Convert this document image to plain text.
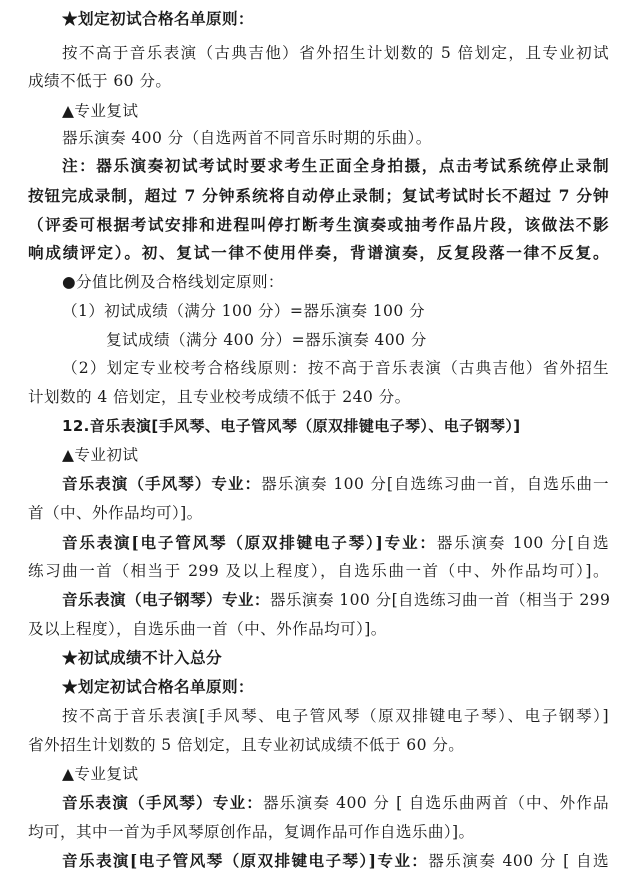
★划定初试合格名单原则：
按不高于音乐表演（古典吉他）省外招生计划数的 5 倍划定，且专业初试
成绩不低于 60 分。
▲专业复试
器乐演奏 400 分（自选两首不同音乐时期的乐曲）。
注：器乐演奏初试考试时要求考生正面全身拍摄，点击考试系统停止录制
按钮完成录制，超过 7 分钟系统将自动停止录制；复试考试时长不超过 7 分钟
（评委可根据考试安排和进程叫停打断考生演奏或抽考作品片段，该做法不影
响成绩评定）。初、复试一律不使用伴奏，背谱演奏，反复段落一律不反复。
●分值比例及合格线划定原则：
（1）初试成绩（满分 100 分）=器乐演奏 100 分
复试成绩（满分 400 分）=器乐演奏 400 分
（2）划定专业校考合格线原则：按不高于音乐表演（古典吉他）省外招生
计划数的 4 倍划定，且专业校考成绩不低于 240 分。
12.音乐表演[手风琴、电子管风琴（原双排键电子琴）、电子钢琴）]
▲专业初试
音乐表演（手风琴）专业：器乐演奏 100 分[自选练习曲一首，自选乐曲一
首（中、外作品均可）]。
音乐表演[电子管风琴（原双排键电子琴）]专业：器乐演奏 100 分[自选
练习曲一首（相当于 299 及以上程度），自选乐曲一首（中、外作品均可）]。
音乐表演（电子钢琴）专业：器乐演奏 100 分[自选练习曲一首（相当于 299
及以上程度），自选乐曲一首（中、外作品均可）]。
★初试成绩不计入总分
★划定初试合格名单原则：
按不高于音乐表演[手风琴、电子管风琴（原双排键电子琴）、电子钢琴）]
省外招生计划数的 5 倍划定，且专业初试成绩不低于 60 分。
▲专业复试
音乐表演（手风琴）专业：器乐演奏 400 分 [ 自选乐曲两首（中、外作品
均可，其中一首为手风琴原创作品，复调作品可作自选乐曲）]。
音乐表演[电子管风琴（原双排键电子琴）]专业：器乐演奏 400 分 [ 自选
